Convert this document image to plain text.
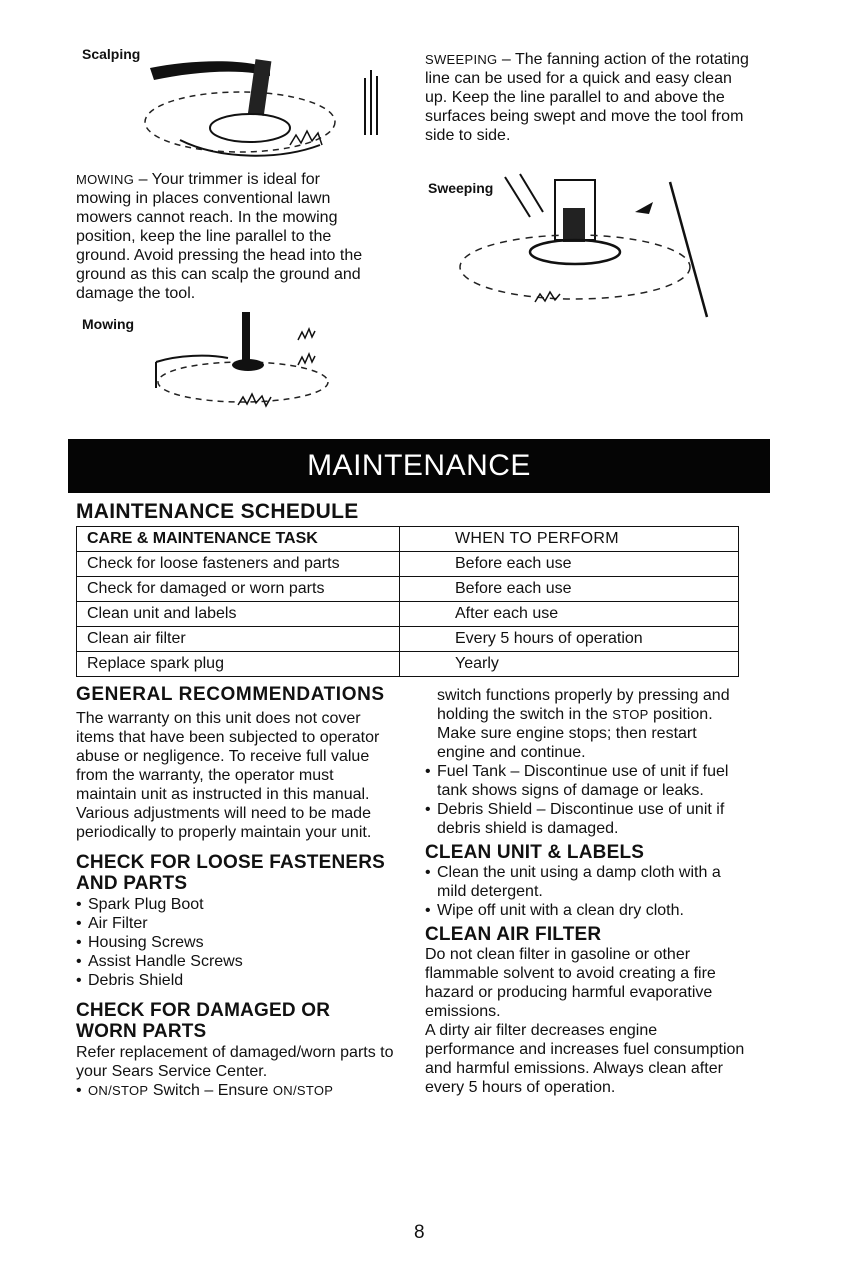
Scalping

MOWING – Your trimmer is ideal for mowing in places conventional lawn mowers cannot reach. In the mowing position, keep the line parallel to the ground. Avoid pressing the head into the ground as this can scalp the ground and damage the tool.

Mowing

SWEEPING – The fanning action of the rotating line can be used for a quick and easy clean up. Keep the line parallel to and above the surfaces being swept and move the tool from side to side.

Sweeping
MAINTENANCE
MAINTENANCE SCHEDULE
CARE & MAINTENANCE TASK	WHEN TO PERFORM
Check for loose fasteners and parts	Before each use
Check for damaged or worn parts	Before each use
Clean unit and labels	After each use
Clean air filter	Every 5 hours of operation
Replace spark plug	Yearly
GENERAL RECOMMENDATIONS
The warranty on this unit does not cover items that have been subjected to operator abuse or negligence. To receive full value from the warranty, the operator must maintain unit as instructed in this manual. Various adjustments will need to be made periodically to properly maintain your unit.
CHECK FOR LOOSE FASTENERS AND PARTS
• Spark Plug Boot
• Air Filter
• Housing Screws
• Assist Handle Screws
• Debris Shield
CHECK FOR DAMAGED OR WORN PARTS
Refer replacement of damaged/worn parts to your Sears Service Center.
• ON/STOP Switch – Ensure ON/STOP
switch functions properly by pressing and holding the switch in the STOP position. Make sure engine stops; then restart engine and continue.
• Fuel Tank – Discontinue use of unit if fuel tank shows signs of damage or leaks.
• Debris Shield – Discontinue use of unit if debris shield is damaged.
CLEAN UNIT & LABELS
• Clean the unit using a damp cloth with a mild detergent.
• Wipe off unit with a clean dry cloth.
CLEAN AIR FILTER
Do not clean filter in gasoline or other flammable solvent to avoid creating a fire hazard or producing harmful evaporative emissions.
A dirty air filter decreases engine performance and increases fuel consumption and harmful emissions. Always clean after every 5 hours of operation.
8
